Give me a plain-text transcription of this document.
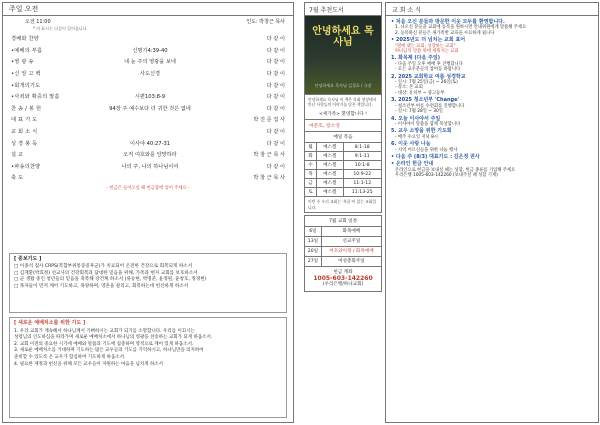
주일 오전
오전 11:00	인도: 박창근 목사
* 이 표시는 다같이 일어섭니다
경배와 찬양	다 같 이
•예배의 부름	신명기4:39-40	다 같 이
•영 광 송	내 눈 주의 영광을 보네	다 같 이
•신 앙 고 백	사도신경	다 같 이
•회개의기도	다 같 이
•사죄와 확증의 말씀	시편103:8-9	다 같 이
찬 송 / 봉 헌	94장 주 예수보다 더 귀한 것은 없네	다 같 이
대 표 기 도	박 진 준 집 사
교 회 소 식	다 같 이
성 경 봉 독	이사야 40:27-31	다 같 이
설 교	오직 여호와를 앙망하라	박 창 근 목 사
•파송의찬양	나의 주, 나의 하나님이여	다 같 이
축 도	박 창 근 목 사
- 헌금은 들어오실 때 헌금함에 넣어 주세요 -
[ 중보기도 ]
□ 이종석 집사 CRPS(복합부위통증증후군)가 치료되어 온전한 건강으로 회복되게 하소서
□ 김재환(박효정) 선교사의 건강회복과 담대한 믿음을 위해, 가족과 현지 교회를 보호하소서
□ 군 생활 중인 청년들의 믿음을 축복해 강건케 하소서 (류승현, 박명준, 윤정원, 윤창호, 정경현)
□ 목자들이 먼저 깨어 기도하고, 목양하며, 영혼을 살리고, 회복하는데 헌신하게 하소서
[ 새로운 예배처소를 위한 기도 ]
1. 우리 교회가 계속해서 하나님께서 기뻐하시는 교회가 되기를 소망합니다. 우리를 이끄시는
성령님의 인도하심을 따라가며 새로운 예배처소에서 하나님의 영광을 찬송하는 교회가 되게 하옵소서.
2. 교회 이전의 중요한 시기에 예배와 말씀과 기도에 집중하며 영적으로 깨어 있게 하옵소서.
3. 새로운 예배처소를 기대하며 기도하는 많은 교우들의 기도를 기억하시고, 하나님만을 의지하여
준비할 수 있도록 온 교우가 합심하여 기도하게 하옵소서.
4. 필요한 재정과 헌신을 위해 모든 교우들이 자원하는 마음을 넘치게 하소서
7월 추천도서
안녕하세요 목사님
안녕하세요 목사님 김경호 / 규장
안녕하세요 목사님 이 책은 목회 현장에서 만난 사람들의 이야기를 담은 책입니다.
<세가족> 환영합니다 !
여분호, 장소영
매일 복음
월	예스겔	8:1-18
화	예스겔	9:1-11
수	예스겔	10:1-8
목	예스겔	10:9-22
금	예스겔	11:1-12
토	예스겔	11:13-25
이번 주 우리 교회는 '복음'이 있는 교회입니다.
7월 교회 일정
6일	화목예배
13일	선교주일
20일	여호와이레 / 화목예배
27일	여성총회주일
헌금 계좌
1005-603-142260
(우리은행/하나교회)
교 회 소 식
• 처음 오신 분들과 방문한 이웃 모두를 환영합니다.
1. 나오신 분들을 교회에 등록을 원하시면 안내위원에게 말씀해 주세요
2. 등록하신 분들은 새가족반 교육을 수료하게 됩니다
• 2025년도 더 넘치는 교회 표어
"열매 맺는 교회, 성장하는 교회"
하나님의 말씀 위에 세워지는 교회
1. 화목제 (다음 주일)
- 다음 주일 오후 예배 후 진행합니다
- 모든 교우분들의 참여를 바랍니다
2. 2025 교회학교 여름 성경학교
- 일시: 7월 25일(금) ~ 26일(토)
- 장소: 본 교회
- 대상: 유치부 ~ 중고등부
3. 2025 청소년부 'Change'
- 청소년부 여름 수련회를 진행합니다
- 일시: 7월 28일 ~ 30일
4. 오늘 이사야서 주일
- 이사야서 말씀을 함께 묵상합니다
5. 교우 소망을 위한 기도회
- 매주 수요일 저녁 8시
6. 이웃 사랑 나눔
- 지역 어르신들을 위한 나눔 행사
• 다음 주 (8/3) 대표기도 : 김은정 권사
• 온라인 헌금 안내
온라인으로 헌금을 보내실 때는 성함, 헌금 종류를 기입해 주세요
우리은행 1005-603-142260 (보내주실 때 성함 기재)
